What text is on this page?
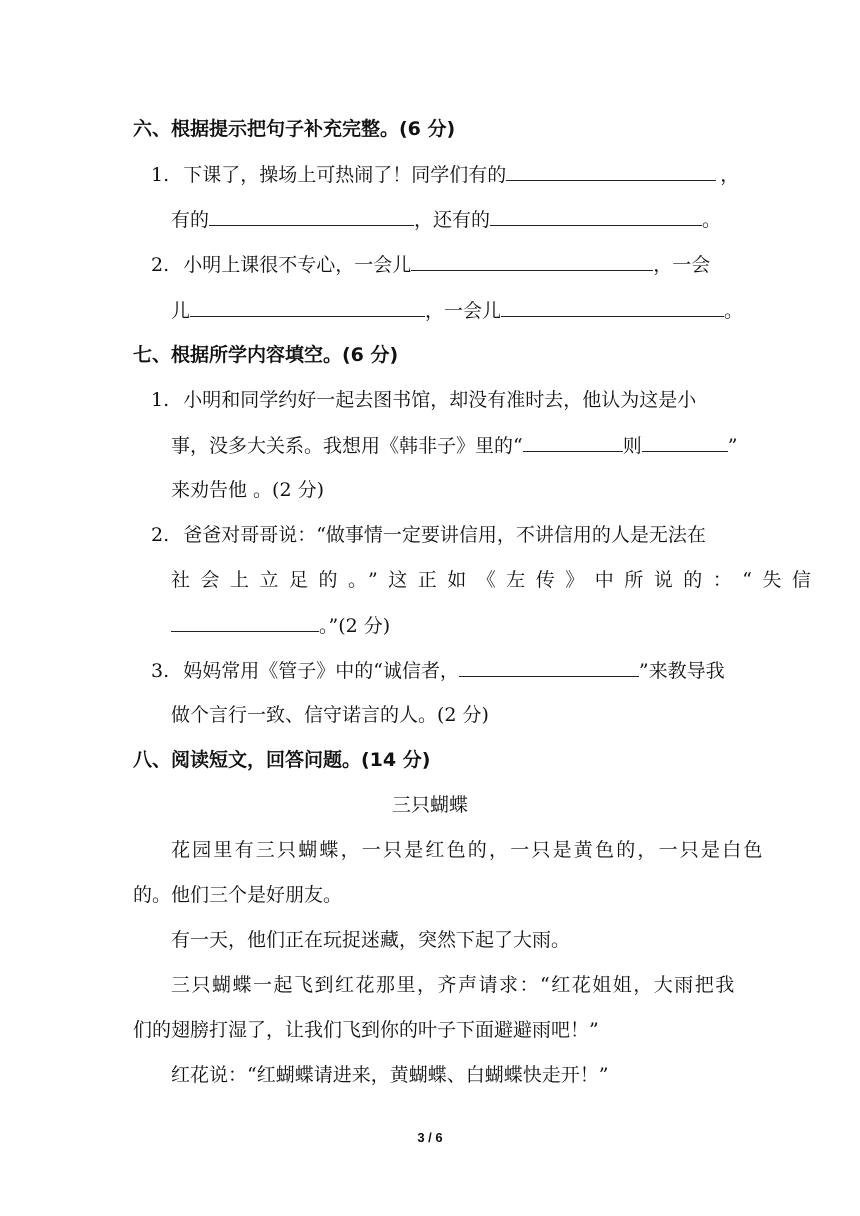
六、根据提示把句子补充完整。(6 分)
1. 下课了，操场上可热闹了！同学们有的	，
有的	，还有的	。
2. 小明上课很不专心，一会儿	，一会
儿	，一会儿	。
七、根据所学内容填空。(6 分)
1. 小明和同学约好一起去图书馆，却没有准时去，他认为这是小
事，没多大关系。我想用《韩非子》里的“	则	”
来劝告他 。(2 分)
2. 爸爸对哥哥说：“做事情一定要讲信用，不讲信用的人是无法在
社会上立足的。”这正如《左传》中所说的：“失信
。”(2 分)
3. 妈妈常用《管子》中的“诚信者，	”来教导我
做个言行一致、信守诺言的人。(2 分)
八、阅读短文，回答问题。(14 分)
三只蝴蝶
花园里有三只蝴蝶，一只是红色的，一只是黄色的，一只是白色
的。他们三个是好朋友。
有一天，他们正在玩捉迷藏，突然下起了大雨。
三只蝴蝶一起飞到红花那里，齐声请求：“红花姐姐，大雨把我
们的翅膀打湿了，让我们飞到你的叶子下面避避雨吧！”
红花说：“红蝴蝶请进来，黄蝴蝶、白蝴蝶快走开！”
3 / 6
